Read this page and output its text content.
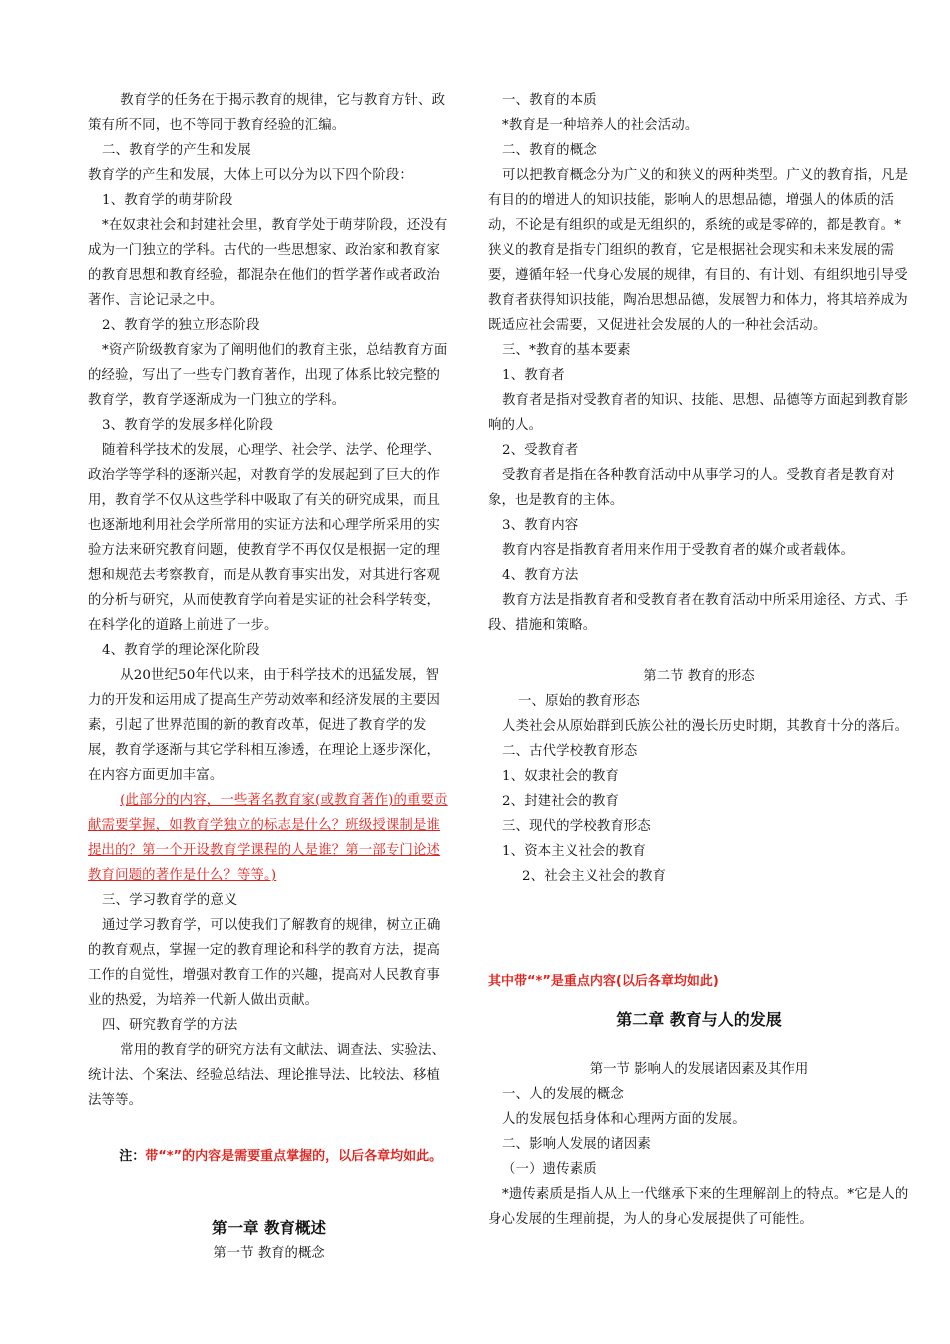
教育学的任务在于揭示教育的规律，它与教育方针、政策有所不同，也不等同于教育经验的汇编。

二、教育学的产生和发展

教育学的产生和发展，大体上可以分为以下四个阶段：

1、教育学的萌芽阶段

*在奴隶社会和封建社会里，教育学处于萌芽阶段，还没有成为一门独立的学科。古代的一些思想家、政治家和教育家的教育思想和教育经验，都混杂在他们的哲学著作或者政治著作、言论记录之中。

2、教育学的独立形态阶段

*资产阶级教育家为了阐明他们的教育主张，总结教育方面的经验，写出了一些专门教育著作，出现了体系比较完整的教育学，教育学逐渐成为一门独立的学科。

3、教育学的发展多样化阶段

随着科学技术的发展，心理学、社会学、法学、伦理学、政治学等学科的逐渐兴起，对教育学的发展起到了巨大的作用，教育学不仅从这些学科中吸取了有关的研究成果，而且也逐渐地利用社会学所常用的实证方法和心理学所采用的实验方法来研究教育问题，使教育学不再仅仅是根据一定的理想和规范去考察教育，而是从教育事实出发，对其进行客观的分析与研究，从而使教育学向着是实证的社会科学转变，在科学化的道路上前进了一步。

4、教育学的理论深化阶段

从20世纪50年代以来，由于科学技术的迅猛发展，智力的开发和运用成了提高生产劳动效率和经济发展的主要因素，引起了世界范围的新的教育改革，促进了教育学的发展，教育学逐渐与其它学科相互渗透，在理论上逐步深化，在内容方面更加丰富。

(此部分的内容，一些著名教育家(或教育著作)的重要贡献需要掌握，如教育学独立的标志是什么？班级授课制是谁提出的？第一个开设教育学课程的人是谁？第一部专门论述教育问题的著作是什么？等等。)

三、学习教育学的意义

通过学习教育学，可以使我们了解教育的规律，树立正确的教育观点，掌握一定的教育理论和科学的教育方法，提高工作的自觉性，增强对教育工作的兴趣，提高对人民教育事业的热爱，为培养一代新人做出贡献。

四、研究教育学的方法

常用的教育学的研究方法有文献法、调查法、实验法、统计法、个案法、经验总结法、理论推导法、比较法、移植法等等。

注：带“*”的内容是需要重点掌握的，以后各章均如此。

第一章 教育概述

第一节 教育的概念

一、教育的本质

*教育是一种培养人的社会活动。

二、教育的概念

可以把教育概念分为广义的和狭义的两种类型。广义的教育指，凡是有目的的增进人的知识技能，影响人的思想品德，增强人的体质的活动，不论是有组织的或是无组织的，系统的或是零碎的，都是教育。*狭义的教育是指专门组织的教育，它是根据社会现实和未来发展的需要，遵循年轻一代身心发展的规律，有目的、有计划、有组织地引导受教育者获得知识技能，陶冶思想品德，发展智力和体力，将其培养成为既适应社会需要，又促进社会发展的人的一种社会活动。

三、*教育的基本要素

1、教育者

教育者是指对受教育者的知识、技能、思想、品德等方面起到教育影响的人。

2、受教育者

受教育者是指在各种教育活动中从事学习的人。受教育者是教育对象，也是教育的主体。

3、教育内容

教育内容是指教育者用来作用于受教育者的媒介或者载体。

4、教育方法

教育方法是指教育者和受教育者在教育活动中所采用途径、方式、手段、措施和策略。

第二节 教育的形态

一、原始的教育形态

人类社会从原始群到氏族公社的漫长历史时期，其教育十分的落后。

二、古代学校教育形态

1、奴隶社会的教育

2、封建社会的教育

三、现代的学校教育形态

1、资本主义社会的教育

2、社会主义社会的教育

其中带“*”是重点内容(以后各章均如此)

第二章 教育与人的发展

第一节 影响人的发展诸因素及其作用

一、人的发展的概念

人的发展包括身体和心理两方面的发展。

二、影响人发展的诸因素

（一）遗传素质

*遗传素质是指人从上一代继承下来的生理解剖上的特点。*它是人的身心发展的生理前提，为人的身心发展提供了可能性。
